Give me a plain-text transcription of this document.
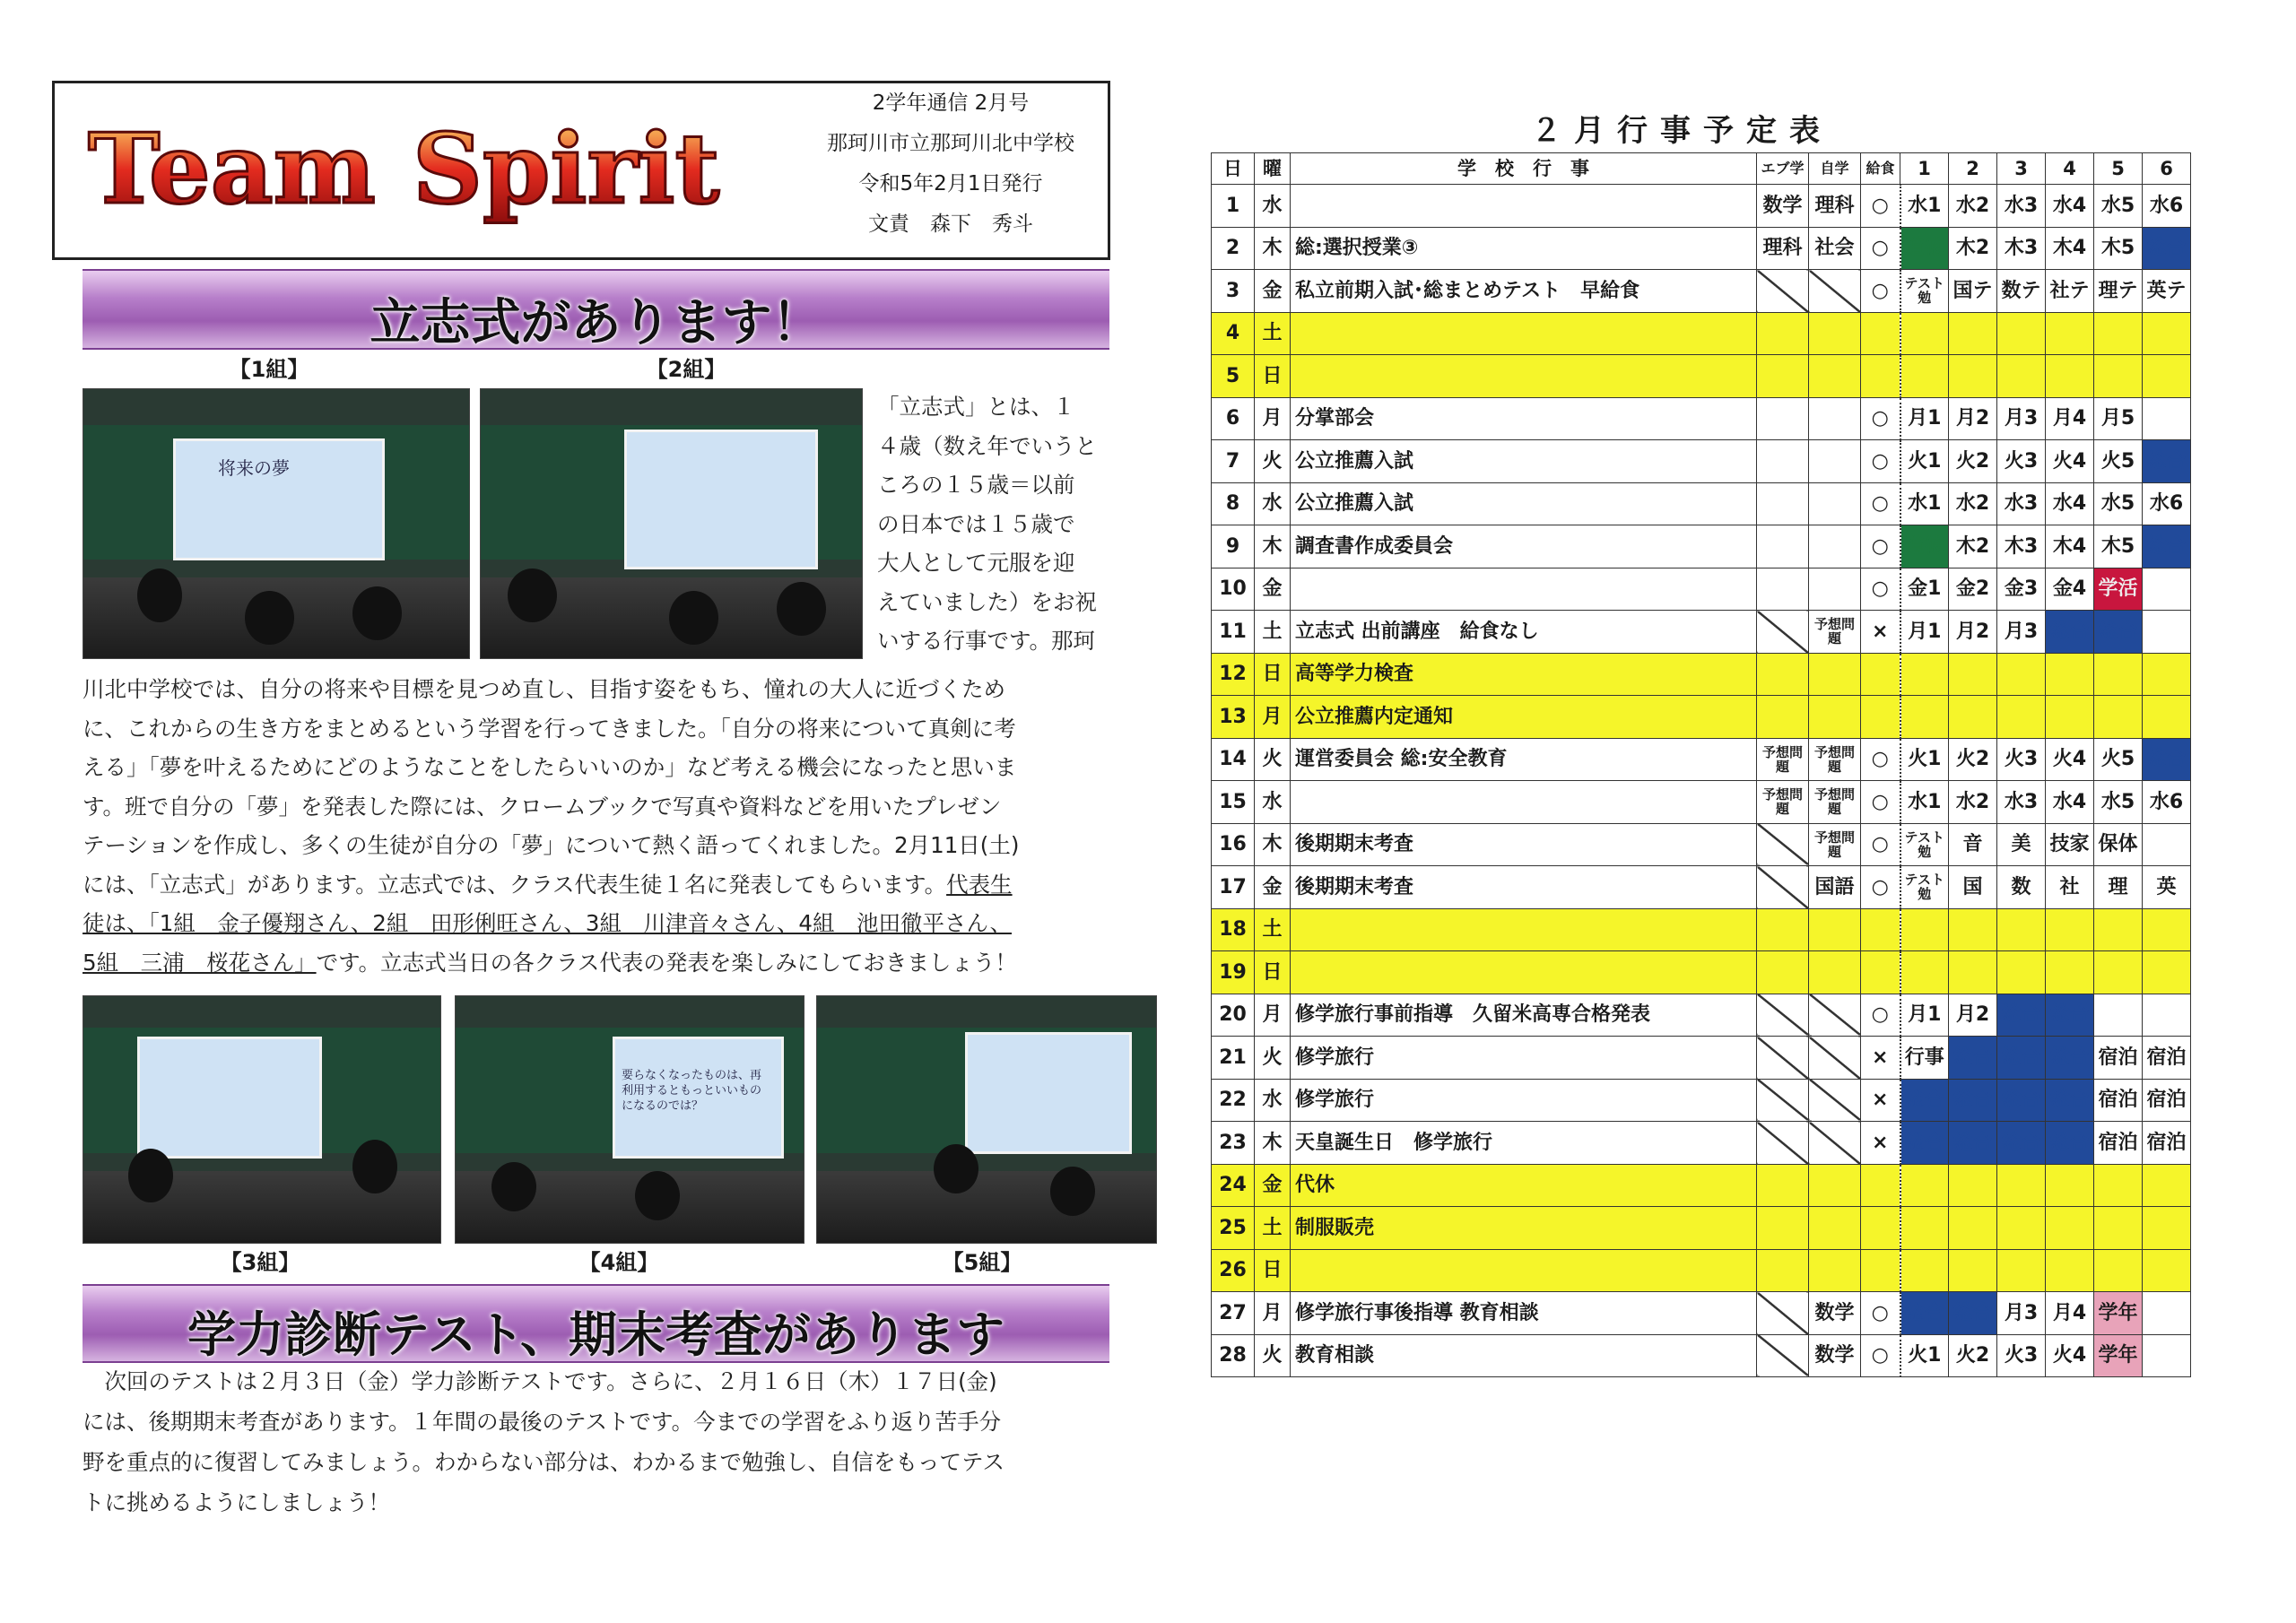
Team Spirit
2学年通信 2月号
那珂川市立那珂川北中学校
令和5年2月1日発行
文責　森下　秀斗
立志式があります！
【1組】	【2組】
将来の夢

「立志式」とは、１

４歳（数え年でいうと

ころの１５歳＝以前

の日本では１５歳で

大人として元服を迎

えていました）をお祝

いする行事です。那珂

川北中学校では、自分の将来や目標を見つめ直し、目指す姿をもち、憧れの大人に近づくため

に、これからの生き方をまとめるという学習を行ってきました。「自分の将来について真剣に考

える」「夢を叶えるためにどのようなことをしたらいいのか」など考える機会になったと思いま

す。班で自分の「夢」を発表した際には、クロームブックで写真や資料などを用いたプレゼン

テーションを作成し、多くの生徒が自分の「夢」について熱く語ってくれました。2月11日(土)

には、「立志式」があります。立志式では、クラス代表生徒１名に発表してもらいます。代表生

徒は、「1組　金子優翔さん、2組　田形俐旺さん、3組　川津音々さん、4組　池田徹平さん、

5組　三浦　桜花さん」です。立志式当日の各クラス代表の発表を楽しみにしておきましょう！

要らなくなったものは、再利用するともっといいものになるのでは？
【3組】	【4組】	【5組】
学力診断テスト、期末考査があります

　次回のテストは２月３日（金）学力診断テストです。さらに、２月１６日（木）１７日(金)

には、後期期末考査があります。１年間の最後のテストです。今までの学習をふり返り苦手分

野を重点的に復習してみましょう。わからない部分は、わかるまで勉強し、自信をもってテス

トに挑めるようにしましょう！

２月行事予定表
日	曜	学　校　行　事	エブ学	自学	給食	1	2	3	4	5	6
1	水		数学	理科	○	水1	水2	水3	水4	水5	水6
2	木	総:選択授業③	理科	社会	○	道徳	木2	木3	木4	木5	総合
3	金	私立前期入試･総まとめテスト　早給食			○	テスト勉	国テ	数テ	社テ	理テ	英テ
4	土										
5	日										
6	月	分掌部会			○	月1	月2	月3	月4	月5	
7	火	公立推薦入試			○	火1	火2	火3	火4	火5	総合
8	水	公立推薦入試			○	水1	水2	水3	水4	水5	水6
9	木	調査書作成委員会			○	道徳	木2	木3	木4	木5	総合
10	金				○	金1	金2	金3	金4	学活	
11	土	立志式 出前講座　給食なし		予想問題	×	月1	月2	月3	総合	総合	
12	日	高等学力検査									
13	月	公立推薦内定通知									
14	火	運営委員会 総:安全教育	予想問題	予想問題	○	火1	火2	火3	火4	火5	総合
15	水		予想問題	予想問題	○	水1	水2	水3	水4	水5	水6
16	木	後期期末考査		予想問題	○	テスト勉	音	美	技家	保体	
17	金	後期期末考査		国語	○	テスト勉	国	数	社	理	英
18	土										
19	日										
20	月	修学旅行事前指導　久留米高専合格発表			○	月1	月2	総合	総合		
21	火	修学旅行			×	行事	総合	総合	総合	宿泊	宿泊
22	水	修学旅行			×	総合	総合	総合	総合	宿泊	宿泊
23	木	天皇誕生日　修学旅行			×	総合	総合	総合	総合	宿泊	宿泊
24	金	代休									
25	土	制服販売									
26	日										
27	月	修学旅行事後指導 教育相談		数学	○	総合	総合	月3	月4	学年	
28	火	教育相談		数学	○	火1	火2	火3	火4	学年	
